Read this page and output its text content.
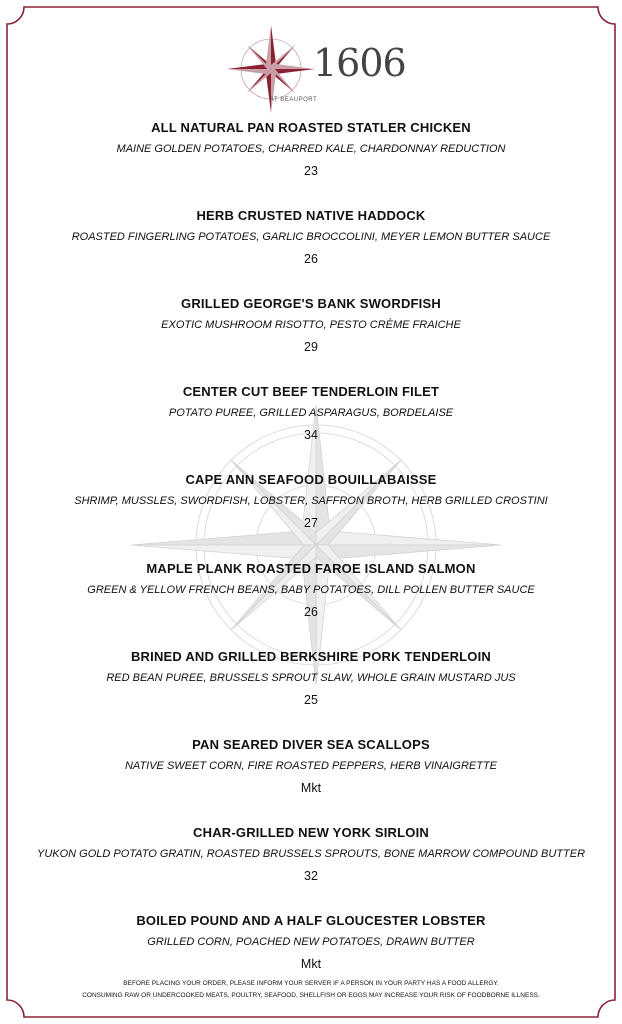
1606
AT BEAUPORT
ALL NATURAL PAN ROASTED STATLER CHICKEN
MAINE GOLDEN POTATOES, CHARRED KALE, CHARDONNAY REDUCTION
23
HERB CRUSTED NATIVE HADDOCK
ROASTED FINGERLING POTATOES, GARLIC BROCCOLINI, MEYER LEMON BUTTER SAUCE
26
GRILLED GEORGE'S BANK SWORDFISH
EXOTIC MUSHROOM RISOTTO, PESTO CRÈME FRAICHE
29
CENTER CUT BEEF TENDERLOIN FILET
POTATO PUREE, GRILLED ASPARAGUS, BORDELAISE
34
CAPE ANN SEAFOOD BOUILLABAISSE
SHRIMP, MUSSLES, SWORDFISH, LOBSTER, SAFFRON BROTH, HERB GRILLED CROSTINI
27
MAPLE PLANK ROASTED FAROE ISLAND SALMON
GREEN & YELLOW FRENCH BEANS, BABY POTATOES, DILL POLLEN BUTTER SAUCE
26
BRINED AND GRILLED BERKSHIRE PORK TENDERLOIN
RED BEAN PUREE, BRUSSELS SPROUT SLAW, WHOLE GRAIN MUSTARD JUS
25
PAN SEARED DIVER SEA SCALLOPS
NATIVE SWEET CORN, FIRE ROASTED PEPPERS, HERB VINAIGRETTE
Mkt
CHAR-GRILLED NEW YORK SIRLOIN
YUKON GOLD POTATO GRATIN, ROASTED BRUSSELS SPROUTS, BONE MARROW COMPOUND BUTTER
32
BOILED POUND AND A HALF GLOUCESTER LOBSTER
GRILLED CORN, POACHED NEW POTATOES, DRAWN BUTTER
Mkt
BEFORE PLACING YOUR ORDER, PLEASE INFORM YOUR SERVER IF A PERSON IN YOUR PARTY HAS A FOOD ALLERGY.
CONSUMING RAW OR UNDERCOOKED MEATS, POULTRY, SEAFOOD, SHELLFISH OR EGGS MAY INCREASE YOUR RISK OF FOODBORNE ILLNESS.
